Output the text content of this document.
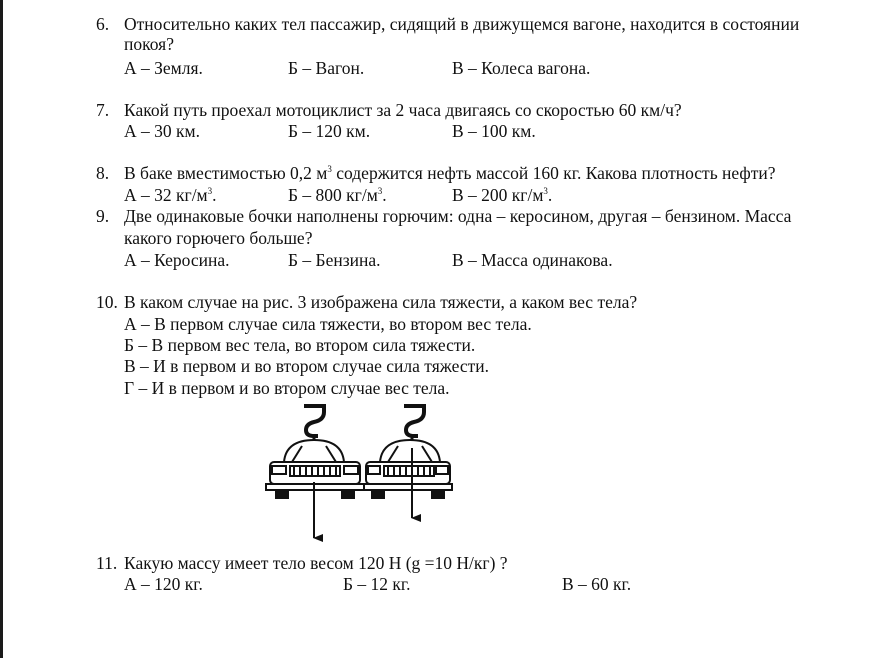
6. Относительно каких тел пассажир, сидящий в движущемся вагоне, находится в состоянии
покоя?
А – Земля.	Б – Вагон.	В – Колеса вагона.
7. Какой путь проехал мотоциклист за 2 часа двигаясь со скоростью 60 км/ч?
А – 30 км.	Б – 120 км.	В – 100 км.
8. В баке вместимостью 0,2 $м^3$ содержится нефть массой 160 кг. Какова плотность нефти?
А – 32 $кг/м^3$.	Б – 800 $кг/м^3$.	В – 200 $кг/м^3$.
9. Две одинаковые бочки наполнены горючим: одна – керосином, другая – бензином. Масса
какого горючего больше?
А – Керосина.	Б – Бензина.	В – Масса одинакова.
10. В каком случае на рис. 3 изображена сила тяжести, а каком вес тела?
А – В первом случае сила тяжести, во втором вес тела.
Б – В первом вес тела, во втором сила тяжести.
В – И в первом и во втором случае сила тяжести.
Г – И в первом и во втором случае вес тела.
11. Какую массу имеет тело весом 120 Н (g =10 Н/кг) ?
А – 120 кг.	Б – 12 кг.	В – 60 кг.
